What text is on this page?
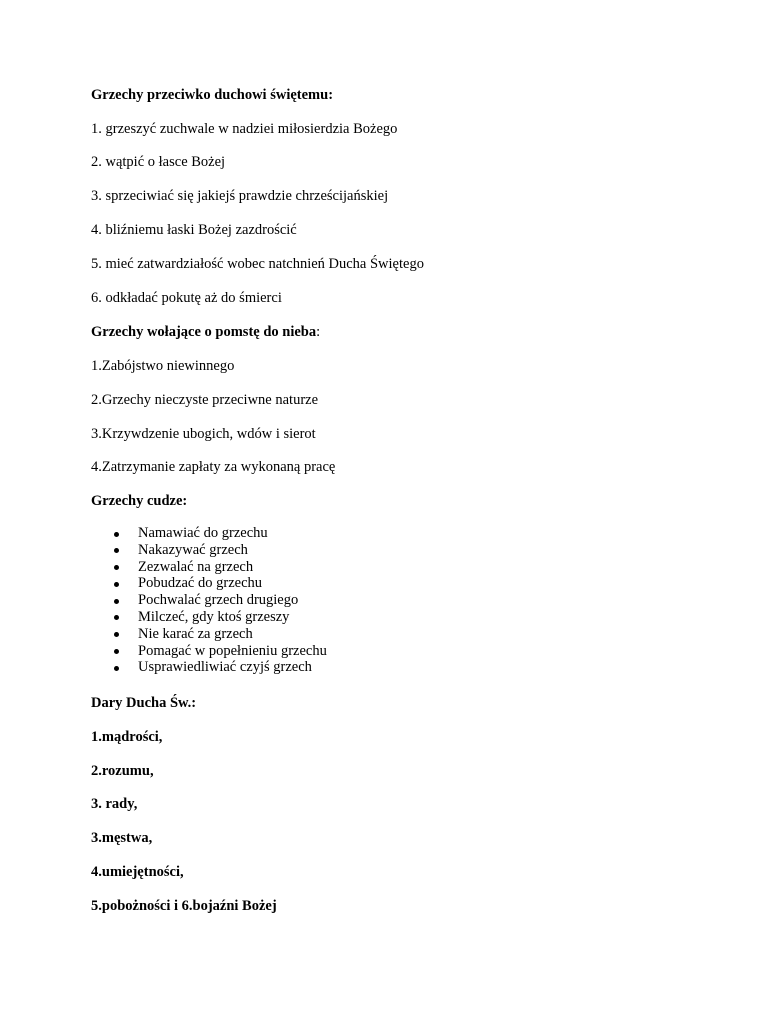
Grzechy przeciwko duchowi świętemu:
1. grzeszyć zuchwale w nadziei miłosierdzia Bożego
2. wątpić o łasce Bożej
3. sprzeciwiać się jakiejś prawdzie chrześcijańskiej
4. bliźniemu łaski Bożej zazdrościć
5. mieć zatwardziałość wobec natchnień Ducha Świętego
6. odkładać pokutę aż do śmierci
Grzechy wołające o pomstę do nieba:
1.Zabójstwo niewinnego
2.Grzechy nieczyste przeciwne naturze
3.Krzywdzenie ubogich, wdów i sierot
4.Zatrzymanie zapłaty za wykonaną pracę
Grzechy cudze:
Namawiać do grzechu
Nakazywać grzech
Zezwalać na grzech
Pobudzać do grzechu
Pochwalać grzech drugiego
Milczeć, gdy ktoś grzeszy
Nie karać za grzech
Pomagać w popełnieniu grzechu
Usprawiedliwiać czyjś grzech
Dary Ducha Św.:
1.mądrości,
2.rozumu,
3. rady,
3.męstwa,
4.umiejętności,
5.pobożności i 6.bojaźni Bożej
